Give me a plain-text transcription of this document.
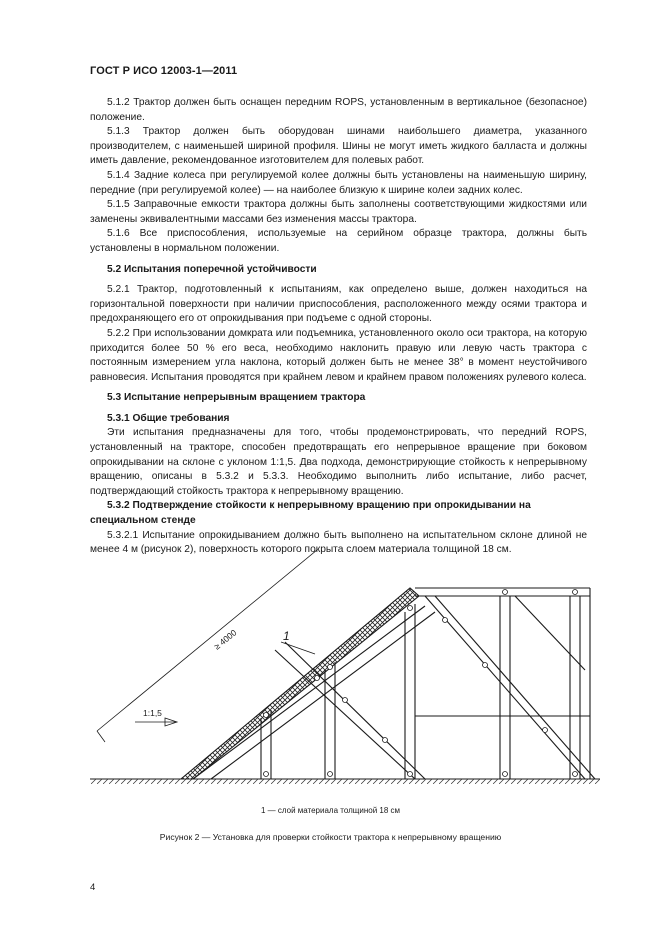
ГОСТ Р ИСО 12003-1—2011

5.1.2 Трактор должен быть оснащен передним ROPS, установленным в вертикальное (безопасное) положение.

5.1.3 Трактор должен быть оборудован шинами наибольшего диаметра, указанного производителем, с наименьшей шириной профиля. Шины не могут иметь жидкого балласта и должны иметь давление, рекомендованное изготовителем для полевых работ.

5.1.4 Задние колеса при регулируемой колее должны быть установлены на наименьшую ширину, передние (при регулируемой колее) — на наиболее близкую к ширине колеи задних колес.

5.1.5 Заправочные емкости трактора должны быть заполнены соответствующими жидкостями или заменены эквивалентными массами без изменения массы трактора.

5.1.6 Все приспособления, используемые на серийном образце трактора, должны быть установлены в нормальном положении.

5.2 Испытания поперечной устойчивости

5.2.1 Трактор, подготовленный к испытаниям, как определено выше, должен находиться на горизонтальной поверхности при наличии приспособления, расположенного между осями трактора и предохраняющего его от опрокидывания при подъеме с одной стороны.

5.2.2 При использовании домкрата или подъемника, установленного около оси трактора, на которую приходится более 50 % его веса, необходимо наклонить правую или левую часть трактора с постоянным измерением угла наклона, который должен быть не менее 38° в момент неустойчивого равновесия. Испытания проводятся при крайнем левом и крайнем правом положениях рулевого колеса.

5.3 Испытание непрерывным вращением трактора

5.3.1 Общие требования

Эти испытания предназначены для того, чтобы продемонстрировать, что передний ROPS, установленный на тракторе, способен предотвращать его непрерывное вращение при боковом опрокидывании на склоне с уклоном 1:1,5. Два подхода, демонстрирующие стойкость к непрерывному вращению, описаны в 5.3.2 и 5.3.3. Необходимо выполнить либо испытание, либо расчет, подтверждающий стойкость трактора к непрерывному вращению.

5.3.2 Подтверждение стойкости к непрерывному вращению при опрокидывании на специальном стенде

5.3.2.1 Испытание опрокидыванием должно быть выполнено на испытательном склоне длиной не менее 4 м (рисунок 2), поверхность которого покрыта слоем материала толщиной 18 см.

≥ 4000
1:1,5
1
1 — слой материала толщиной 18 см
Рисунок 2 — Установка для проверки стойкости трактора к непрерывному вращению
4
